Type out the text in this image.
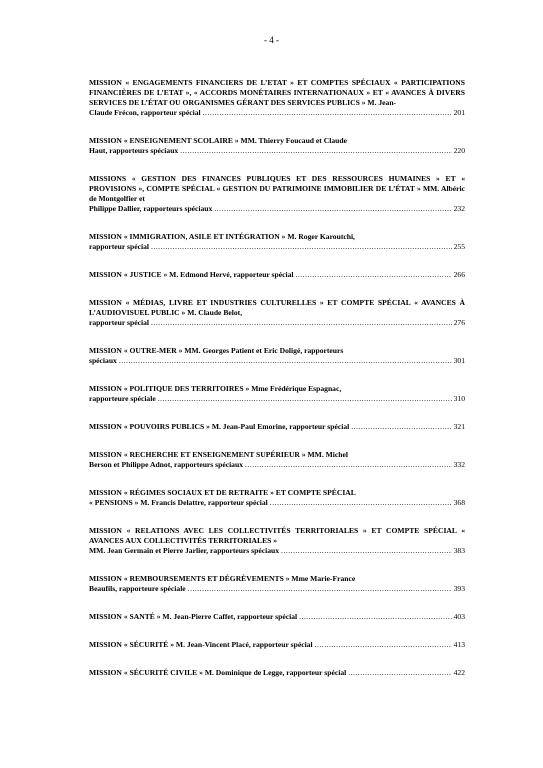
- 4 -
MISSION « ENGAGEMENTS FINANCIERS DE L’ETAT » ET COMPTES SPÉCIAUX « PARTICIPATIONS FINANCIÈRES DE L’ETAT », « ACCORDS MONÉTAIRES INTERNATIONAUX » ET « AVANCES À DIVERS SERVICES DE L’ÉTAT OU ORGANISMES GÉRANT DES SERVICES PUBLICS » M. Jean-
Claude Frécon, rapporteur spécial .....	201
MISSION « ENSEIGNEMENT SCOLAIRE » MM. Thierry Foucaud et Claude
Haut, rapporteurs spéciaux .....	220
MISSIONS « GESTION DES FINANCES PUBLIQUES ET DES RESSOURCES HUMAINES » ET « PROVISIONS », COMPTE SPÉCIAL « GESTION DU PATRIMOINE IMMOBILIER DE L’ÉTAT » MM. Albéric de Montgolfier et
Philippe Dallier, rapporteurs spéciaux .....	232
MISSION « IMMIGRATION, ASILE ET INTÉGRATION » M. Roger Karoutchi,
rapporteur spécial .....	255
MISSION « JUSTICE » M. Edmond Hervé, rapporteur spécial .....	266
MISSION « MÉDIAS, LIVRE ET INDUSTRIES CULTURELLES » ET COMPTE SPÉCIAL « AVANCES À L’AUDIOVISUEL PUBLIC » M. Claude Belot,
rapporteur spécial .....	276
MISSION « OUTRE-MER » MM. Georges Patient et Eric Doligé, rapporteurs
spéciaux .....	301
MISSION « POLITIQUE DES TERRITOIRES » Mme Frédérique Espagnac,
rapporteure spéciale .....	310
MISSION « POUVOIRS PUBLICS » M. Jean-Paul Emorine, rapporteur spécial .....	321
MISSION « RECHERCHE ET ENSEIGNEMENT SUPÉRIEUR » MM. Michel
Berson et Philippe Adnot, rapporteurs spéciaux .....	332
MISSION « RÉGIMES SOCIAUX ET DE RETRAITE » ET COMPTE SPÉCIAL
« PENSIONS » M. Francis Delattre, rapporteur spécial .....	368
MISSION « RELATIONS AVEC LES COLLECTIVITÉS TERRITORIALES » ET COMPTE SPÉCIAL « AVANCES AUX COLLECTIVITÉS TERRITORIALES »
MM. Jean Germain et Pierre Jarlier, rapporteurs spéciaux .....	383
MISSION « REMBOURSEMENTS ET DÉGRÈVEMENTS » Mme Marie-France
Beaufils, rapporteure spéciale .....	393
MISSION « SANTÉ » M. Jean-Pierre Caffet, rapporteur spécial .....	403
MISSION « SÉCURITÉ » M. Jean-Vincent Placé, rapporteur spécial .....	413
MISSION « SÉCURITÉ CIVILE » M. Dominique de Legge, rapporteur spécial .....	422
